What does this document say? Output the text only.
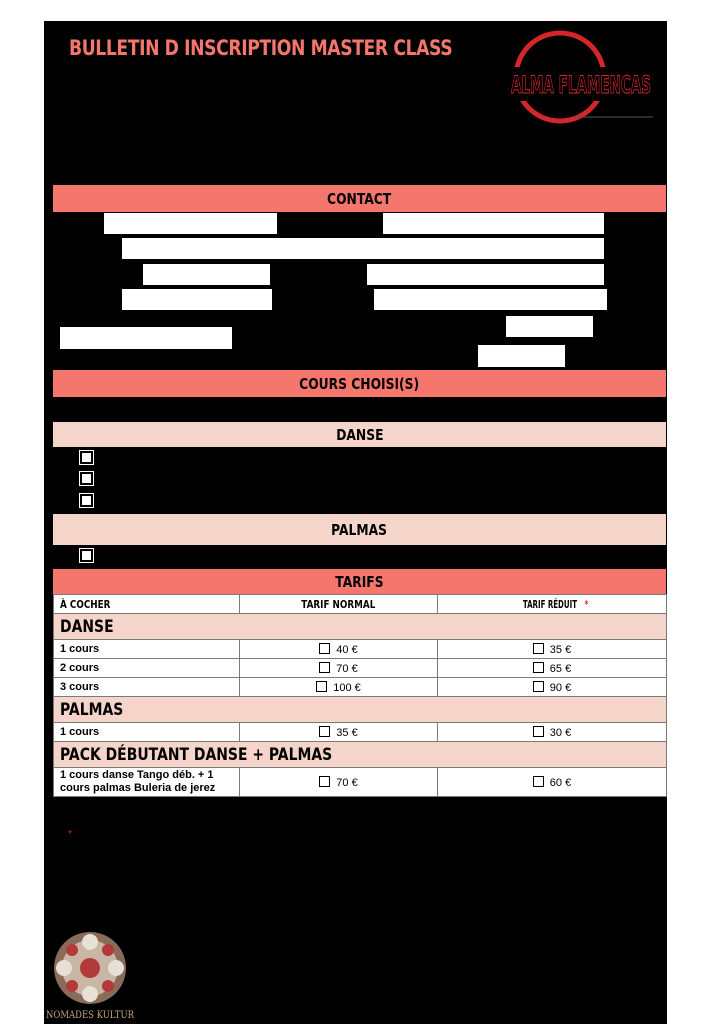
BULLETIN D INSCRIPTION MASTER CLASS
ALMA FLAMENCAS
CONTACT
COURS CHOISI(S)
DANSE
PALMAS
TARIFS
À COCHER	TARIF NORMAL	TARIF RÉDUIT *
DANSE		
1 cours	40 €	35 €
2 cours	70 €	65 €
3 cours	100 €	90 €
PALMAS		
1 cours	35 €	30 €
PACK DÉBUTANT DANSE + PALMAS		
1 cours danse Tango déb. + 1
cours palmas Buleria de jerez	70 €	60 €
*
NOMADES KULTUR
